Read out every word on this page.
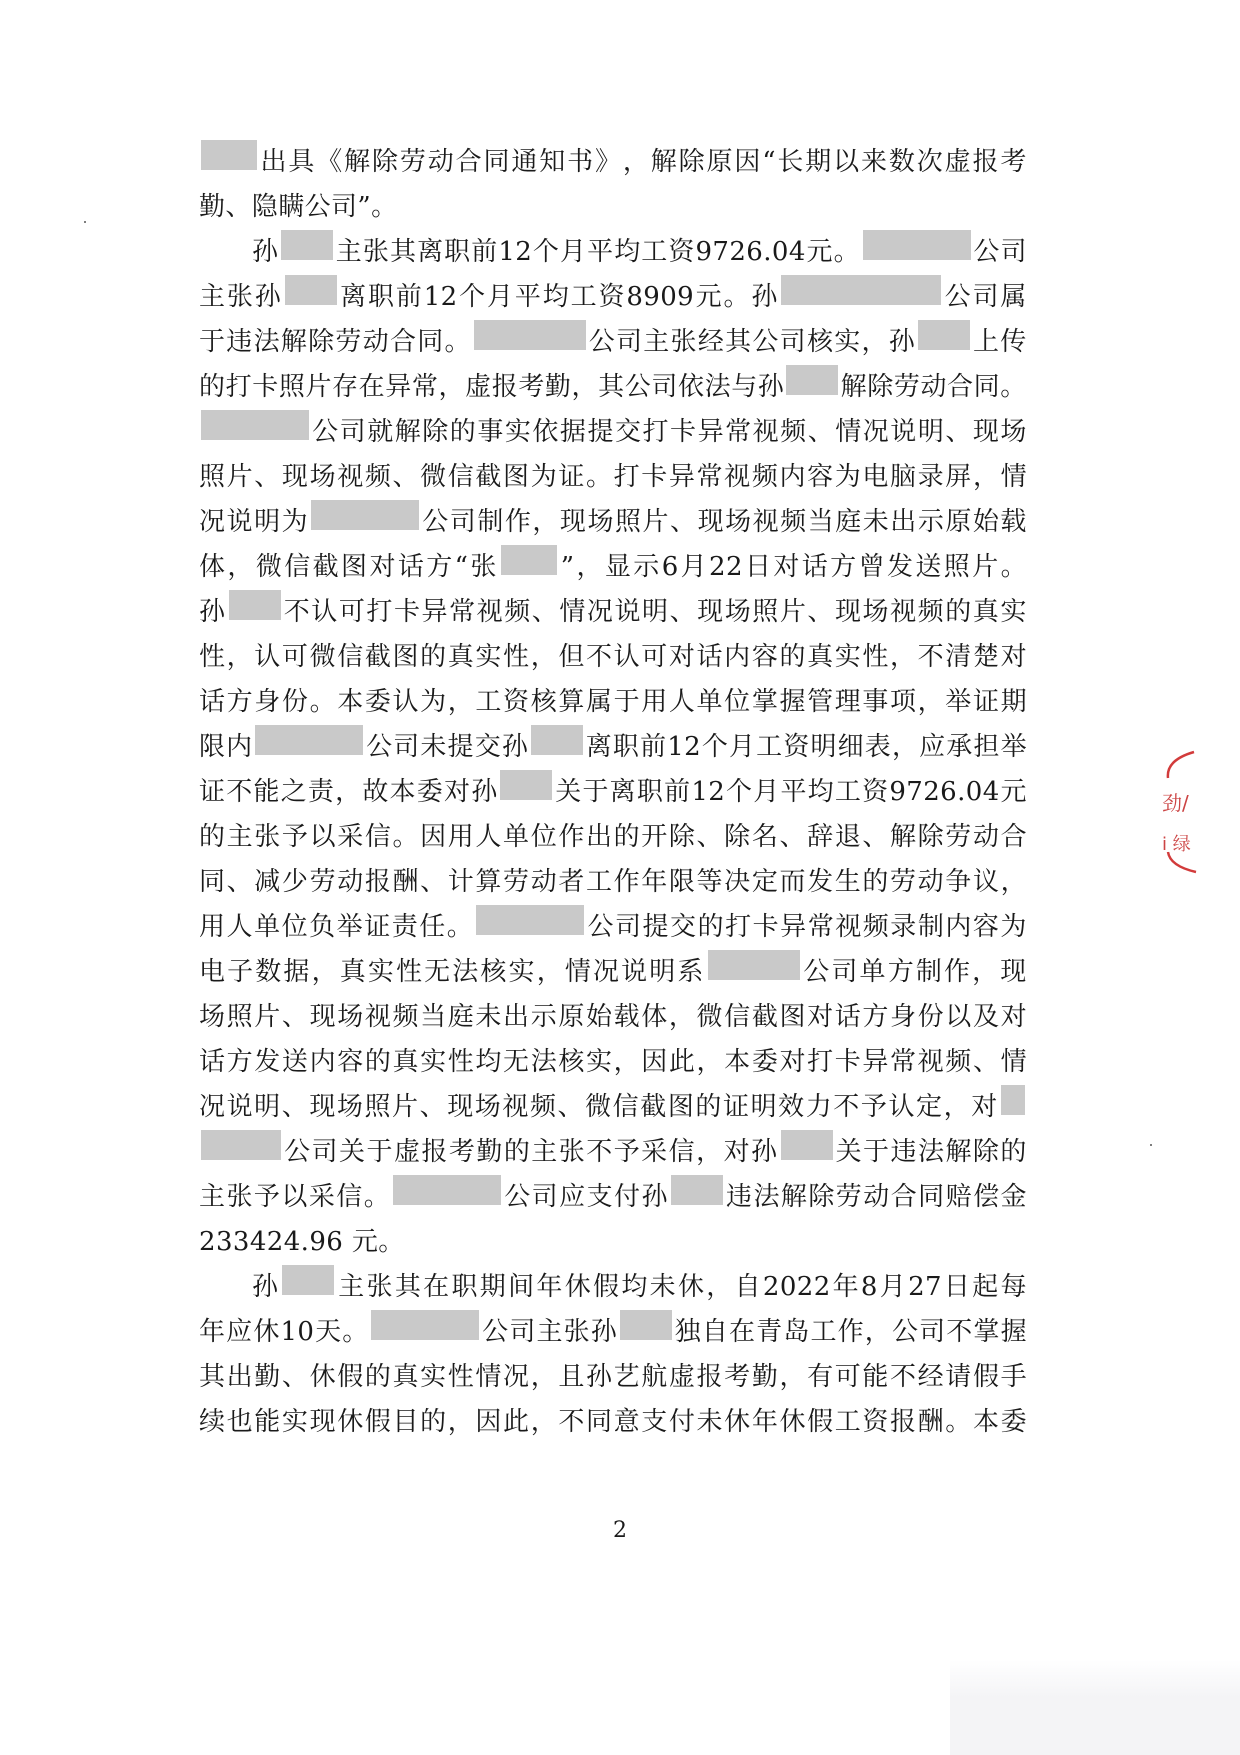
出 具 《 解 除 劳 动 合 同 通 知 书 》 ， 解 除 原 因 “ 长 期 以 来 数 次 虚 报 考
勤、隐瞒公司”。
孙 主 张 其 离 职 前 12 个 月 平 均 工 资 9726.04 元 。	公 司
主 张 孙 离 职 前 12 个 月 平 均 工 资 8909 元 。 孙	公 司 属
于 违 法 解 除 劳 动 合 同 。	公 司 主 张 经 其 公 司 核 实 ， 孙 上 传
的 打 卡 照 片 存 在 异 常 ， 虚 报 考 勤 ， 其 公 司 依 法 与 孙 解 除 劳 动 合 同 。
公 司 就 解 除 的 事 实 依 据 提 交 打 卡 异 常 视 频 、 情 况 说 明 、 现 场
照 片 、 现 场 视 频 、 微 信 截 图 为 证 。 打 卡 异 常 视 频 内 容 为 电 脑 录 屏 ， 情
况 说 明 为	公 司 制 作 ， 现 场 照 片 、 现 场 视 频 当 庭 未 出 示 原 始 载
体 ， 微 信 截 图 对 话 方 “ 张 ” ， 显 示 6 月 22 日 对 话 方 曾 发 送 照 片 。
孙 不 认 可 打 卡 异 常 视 频 、 情 况 说 明 、 现 场 照 片 、 现 场 视 频 的 真 实
性 ， 认 可 微 信 截 图 的 真 实 性 ， 但 不 认 可 对 话 内 容 的 真 实 性 ， 不 清 楚 对
话 方 身 份 。 本 委 认 为 ， 工 资 核 算 属 于 用 人 单 位 掌 握 管 理 事 项 ， 举 证 期
限 内	公 司 未 提 交 孙 离 职 前 12 个 月 工 资 明 细 表 ， 应 承 担 举
证 不 能 之 责 ， 故 本 委 对 孙 关 于 离 职 前 12 个 月 平 均 工 资 9726.04 元
的 主 张 予 以 采 信 。 因 用 人 单 位 作 出 的 开 除 、 除 名 、 辞 退 、 解 除 劳 动 合
同 、 减 少 劳 动 报 酬 、 计 算 劳 动 者 工 作 年 限 等 决 定 而 发 生 的 劳 动 争 议 ，
用 人 单 位 负 举 证 责 任 。	公 司 提 交 的 打 卡 异 常 视 频 录 制 内 容 为
电 子 数 据 ， 真 实 性 无 法 核 实 ， 情 况 说 明 系	公 司 单 方 制 作 ， 现
场 照 片 、 现 场 视 频 当 庭 未 出 示 原 始 载 体 ， 微 信 截 图 对 话 方 身 份 以 及 对
话 方 发 送 内 容 的 真 实 性 均 无 法 核 实 ， 因 此 ， 本 委 对 打 卡 异 常 视 频 、 情
况 说 明 、 现 场 照 片 、 现 场 视 频 、 微 信 截 图 的 证 明 效 力 不 予 认 定 ， 对
公 司 关 于 虚 报 考 勤 的 主 张 不 予 采 信 ， 对 孙 关 于 违 法 解 除 的
主 张 予 以 采 信 。	公 司 应 支 付 孙 违 法 解 除 劳 动 合 同 赔 偿 金
233424.96 元。
孙 主 张 其 在 职 期 间 年 休 假 均 未 休 ， 自 2022 年 8 月 27 日 起 每
年 应 休 10 天 。	公 司 主 张 孙 独 自 在 青 岛 工 作 ， 公 司 不 掌 握
其 出 勤 、 休 假 的 真 实 性 情 况 ， 且 孙 艺 航 虚 报 考 勤 ， 有 可 能 不 经 请 假 手
续 也 能 实 现 休 假 目 的 ， 因 此 ， 不 同 意 支 付 未 休 年 休 假 工 资 报 酬 。 本 委
2
劲/
i 绿
